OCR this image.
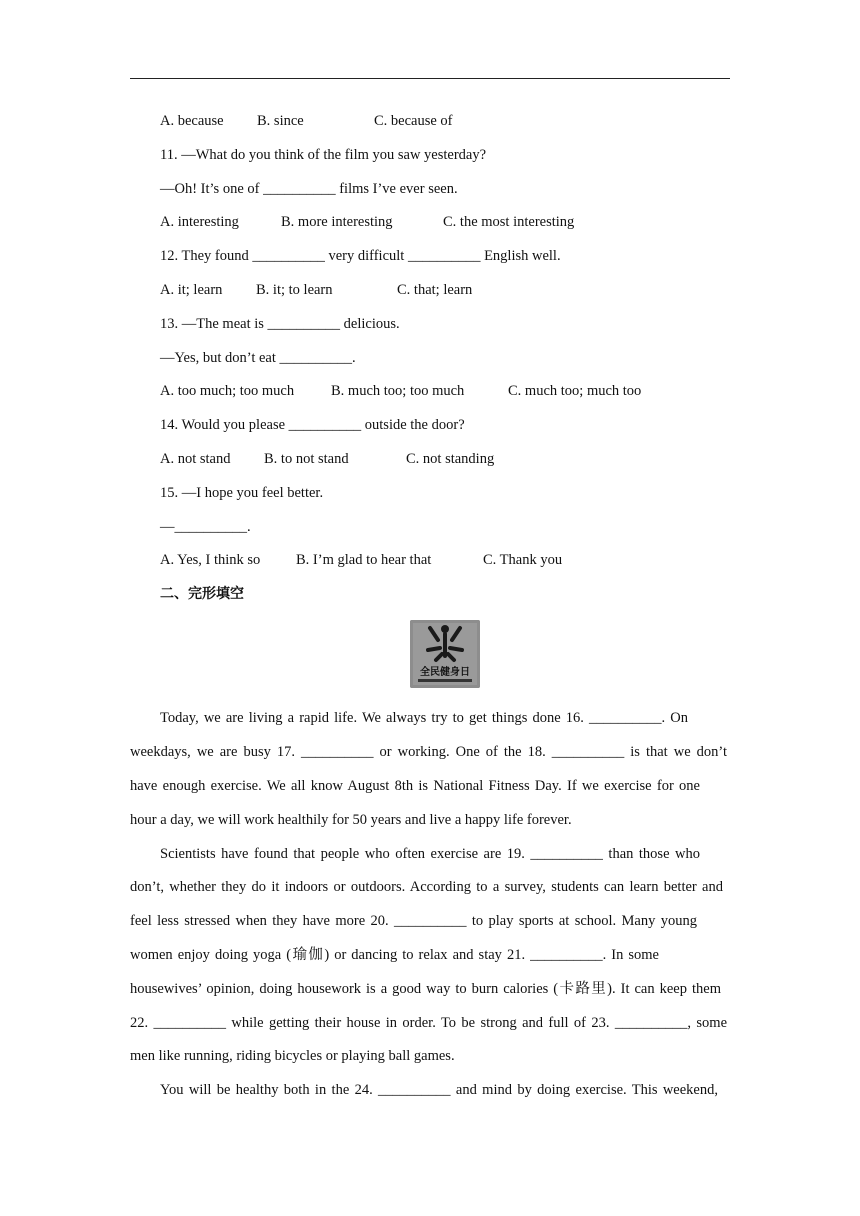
A. because B. since	C. because of
11. —What do you think of the film you saw yesterday?
—Oh! It’s one of __________ films I’ve ever seen.
A. interesting	B. more interesting	C. the most interesting
12. They found __________ very difficult __________ English well.
A. it; learn B. it; to learn	C. that; learn
13. —The meat is __________ delicious.
—Yes, but don’t eat __________.
A. too much; too much	B. much too; too much	C. much too; much too
14. Would you please __________ outside the door?
A. not stand B. to not stand	C. not standing
15. —I hope you feel better.
—__________.
A. Yes, I think so B. I’m glad to hear that	C. Thank you
二、完形填空
全民健身日
Today, we are living a rapid life. We always try to get things done 16. __________. On
weekdays, we are busy 17. __________ or working. One of the 18. __________ is that we don’t
have enough exercise. We all know August 8th is National Fitness Day. If we exercise for one
hour a day, we will work healthily for 50 years and live a happy life forever.
Scientists have found that people who often exercise are 19. __________ than those who
don’t, whether they do it indoors or outdoors. According to a survey, students can learn better and
feel less stressed when they have more 20. __________ to play sports at school. Many young
women enjoy doing yoga (瑜伽) or dancing to relax and stay 21. __________. In some
housewives’ opinion, doing housework is a good way to burn calories (卡路里). It can keep them
22. __________ while getting their house in order. To be strong and full of 23. __________, some
men like running, riding bicycles or playing ball games.
You will be healthy both in the 24. __________ and mind by doing exercise. This weekend,
